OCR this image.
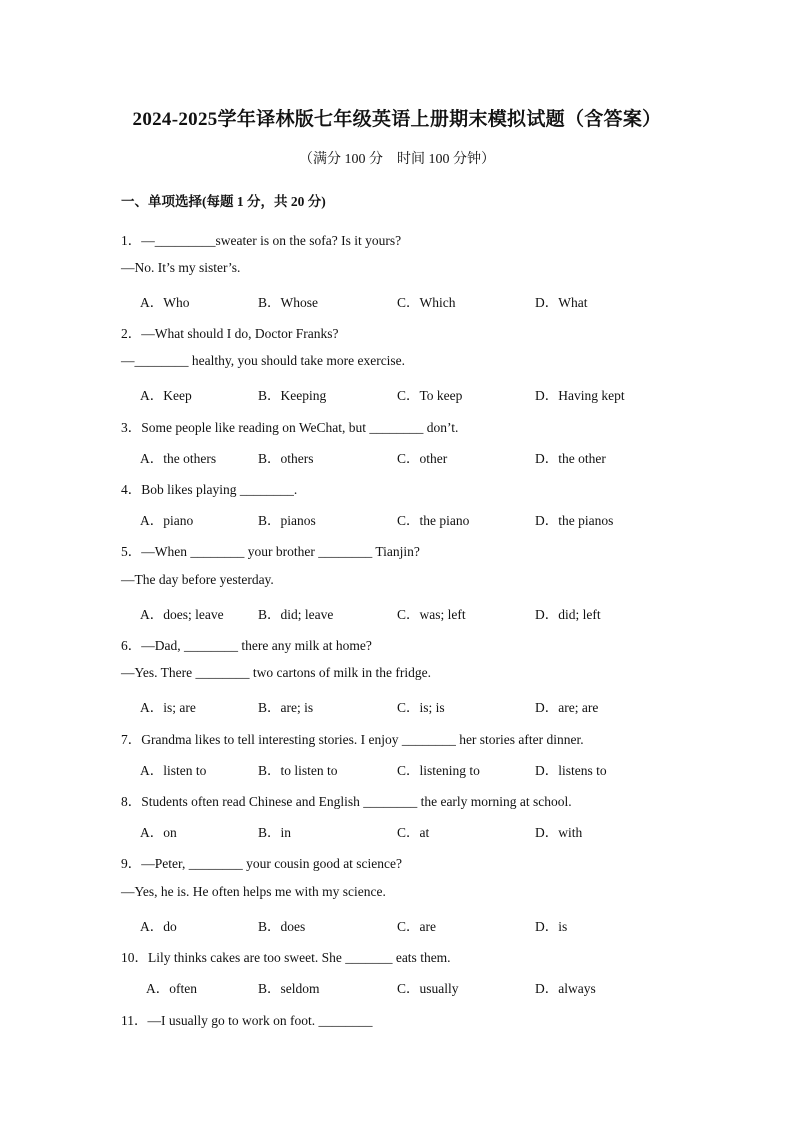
2024-2025学年译林版七年级英语上册期末模拟试题（含答案）
（满分 100 分　时间 100 分钟）
一、单项选择(每题 1 分，共 20 分)
1．—_________sweater is on the sofa? Is it yours?
—No. It’s my sister’s.
A．Who	B．Whose	C．Which	D．What
2．—What should I do, Doctor Franks?
—________ healthy, you should take more exercise.
A．Keep	B．Keeping	C．To keep	D．Having kept
3．Some people like reading on WeChat, but ________ don’t.
A．the others	B．others	C．other	D．the other
4．Bob likes playing ________.
A．piano	B．pianos	C．the piano	D．the pianos
5．—When ________ your brother ________ Tianjin?
—The day before yesterday.
A．does; leave	B．did; leave	C．was; left	D．did; left
6．—Dad, ________ there any milk at home?
—Yes. There ________ two cartons of milk in the fridge.
A．is; are	B．are; is	C．is; is	D．are; are
7．Grandma likes to tell interesting stories. I enjoy ________ her stories after dinner.
A．listen to	B．to listen to	C．listening to	D．listens to
8．Students often read Chinese and English ________ the early morning at school.
A．on	B．in	C．at	D．with
9．—Peter, ________ your cousin good at science?
—Yes, he is. He often helps me with my science.
A．do	B．does	C．are	D．is
10．Lily thinks cakes are too sweet. She _______ eats them.
A．often	B．seldom	C．usually	D．always
11．—I usually go to work on foot. ________
